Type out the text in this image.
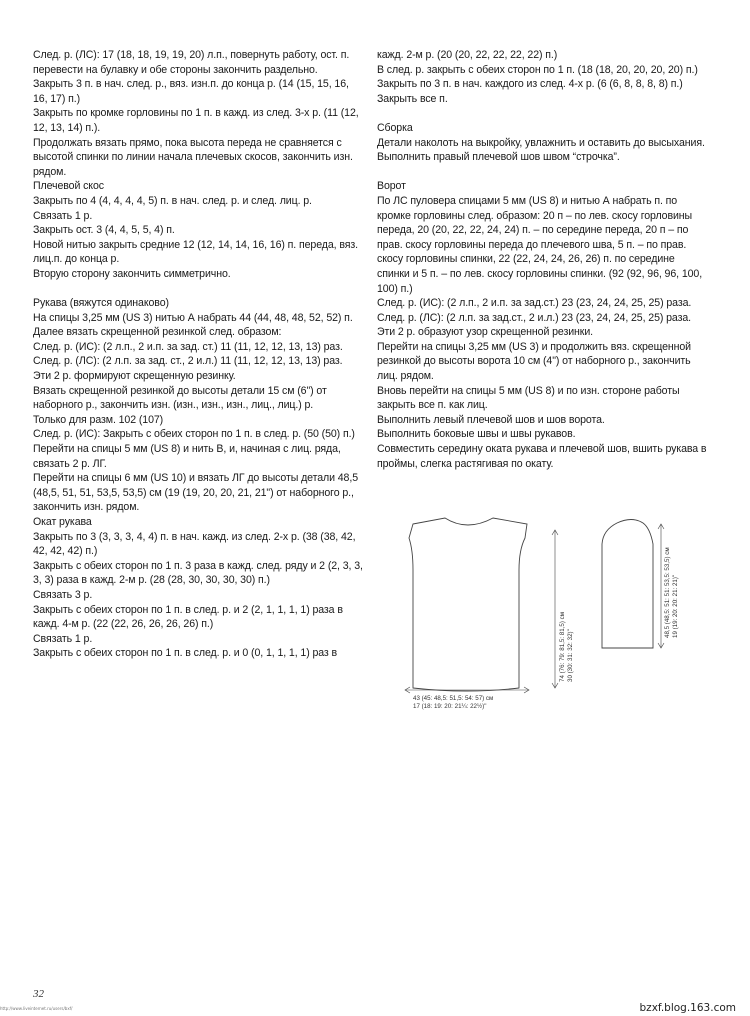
След. р. (ЛС): 17 (18, 18, 19, 19, 20) л.п., повернуть работу, ост. п. перевести на булавку и обе стороны закончить раздельно.

Закрыть 3 п. в нач. след. р., вяз. изн.п. до конца р. (14 (15, 15, 16, 16, 17) п.)

Закрыть по кромке горловины по 1 п. в кажд. из след. 3-х р. (11 (12, 12, 13, 14) п.).

Продолжать вязать прямо, пока высота переда не сравняется с высотой спинки по линии начала плечевых скосов, закончить изн. рядом.

Плечевой скос

Закрыть по 4 (4, 4, 4, 4, 5) п. в нач. след. р. и след. лиц. р.

Связать 1 р.

Закрыть ост. 3 (4, 4, 5, 5, 4) п.

Новой нитью закрыть средние 12 (12, 14, 14, 16, 16) п. переда, вяз. лиц.п. до конца р.

Вторую сторону закончить симметрично.

Рукава (вяжутся одинаково)

На спицы 3,25 мм (US 3) нитью А набрать 44 (44, 48, 48, 52, 52) п.

Далее вязать скрещенной резинкой след. образом:

След. р. (ИС): (2 л.п., 2 и.п. за зад. ст.) 11 (11, 12, 12, 13, 13) раз.

След. р. (ЛС): (2 л.п. за зад. ст., 2 и.л.) 11 (11, 12, 12, 13, 13) раз.

Эти 2 р. формируют скрещенную резинку.

Вязать скрещенной резинкой до высоты детали 15 см (6") от наборного р., закончить изн. (изн., изн., изн., лиц., лиц.) р.

Только для разм. 102 (107)

След. р. (ИС): Закрыть с обеих сторон по 1 п. в след. р. (50 (50) п.)

Перейти на спицы 5 мм (US 8) и нить В, и, начиная с лиц. ряда, связать 2 р. ЛГ.

Перейти на спицы 6 мм (US 10) и вязать ЛГ до высоты детали 48,5 (48,5, 51, 51, 53,5, 53,5) см (19 (19, 20, 20, 21, 21") от наборного р., закончить изн. рядом.

Окат рукава

Закрыть по 3 (3, 3, 3, 4, 4) п. в нач. кажд. из след. 2-х р. (38 (38, 42, 42, 42, 42) п.)

Закрыть с обеих сторон по 1 п. 3 раза в кажд. след. ряду и 2 (2, 3, 3, 3, 3) раза в кажд. 2-м р. (28 (28, 30, 30, 30, 30) п.)

Связать 3 р.

Закрыть с обеих сторон по 1 п. в след. р. и 2 (2, 1, 1, 1, 1) раза в кажд. 4-м р. (22 (22, 26, 26, 26, 26) п.)

Связать 1 р.

Закрыть с обеих сторон по 1 п. в след. р. и 0 (0, 1, 1, 1, 1) раз в

кажд. 2-м р. (20 (20, 22, 22, 22, 22) п.)

В след. р. закрыть с обеих сторон по 1 п. (18 (18, 20, 20, 20, 20) п.)

Закрыть по 3 п. в нач. каждого из след. 4-х р. (6 (6, 8, 8, 8, 8) п.)

Закрыть все п.

Сборка

Детали наколоть на выкройку, увлажнить и оставить до высыхания.

Выполнить правый плечевой шов швом “строчка”.

Ворот

По ЛС пуловера спицами 5 мм (US 8) и нитью А набрать п. по кромке горловины след. образом: 20 п – по лев. скосу горловины переда, 20 (20, 22, 22, 24, 24) п. – по середине переда, 20 п – по прав. скосу горловины переда до плечевого шва, 5 п. – по прав. скосу горловины спинки, 22 (22, 24, 24, 26, 26) п. по середине спинки и 5 п. – по лев. скосу горловины спинки. (92 (92, 96, 96, 100, 100) п.)

След. р. (ИС): (2 л.п., 2 и.п. за зад.ст.) 23 (23, 24, 24, 25, 25) раза.

След. р. (ЛС): (2 л.п. за зад.ст., 2 и.л.) 23 (23, 24, 24, 25, 25) раза.

Эти 2 р. образуют узор скрещенной резинки.

Перейти на спицы 3,25 мм (US 3) и продолжить вяз. скрещенной резинкой до высоты ворота 10 см (4") от наборного р., закончить лиц. рядом.

Вновь перейти на спицы 5 мм (US 8) и по изн. стороне работы закрыть все п. как лиц.

Выполнить левый плечевой шов и шов ворота.

Выполнить боковые швы и швы рукавов.

Совместить середину оката рукава и плечевой шов, вшить рукава в проймы, слегка растягивая по окату.

74 (76: 79: 81,5: 81,5) см 30 (30: 31: 32: 32)"
43 (45: 48,5: 51,5: 54: 57) см
17 (18: 19: 20: 21¼: 22½)"
48,5 (48,5: 51: 51: 53,5: 53,5) см 19 (19: 20: 20: 21: 21)"
32
http://www.liveinternet.ru/users/bxf/	bzxf.blog.163.com
